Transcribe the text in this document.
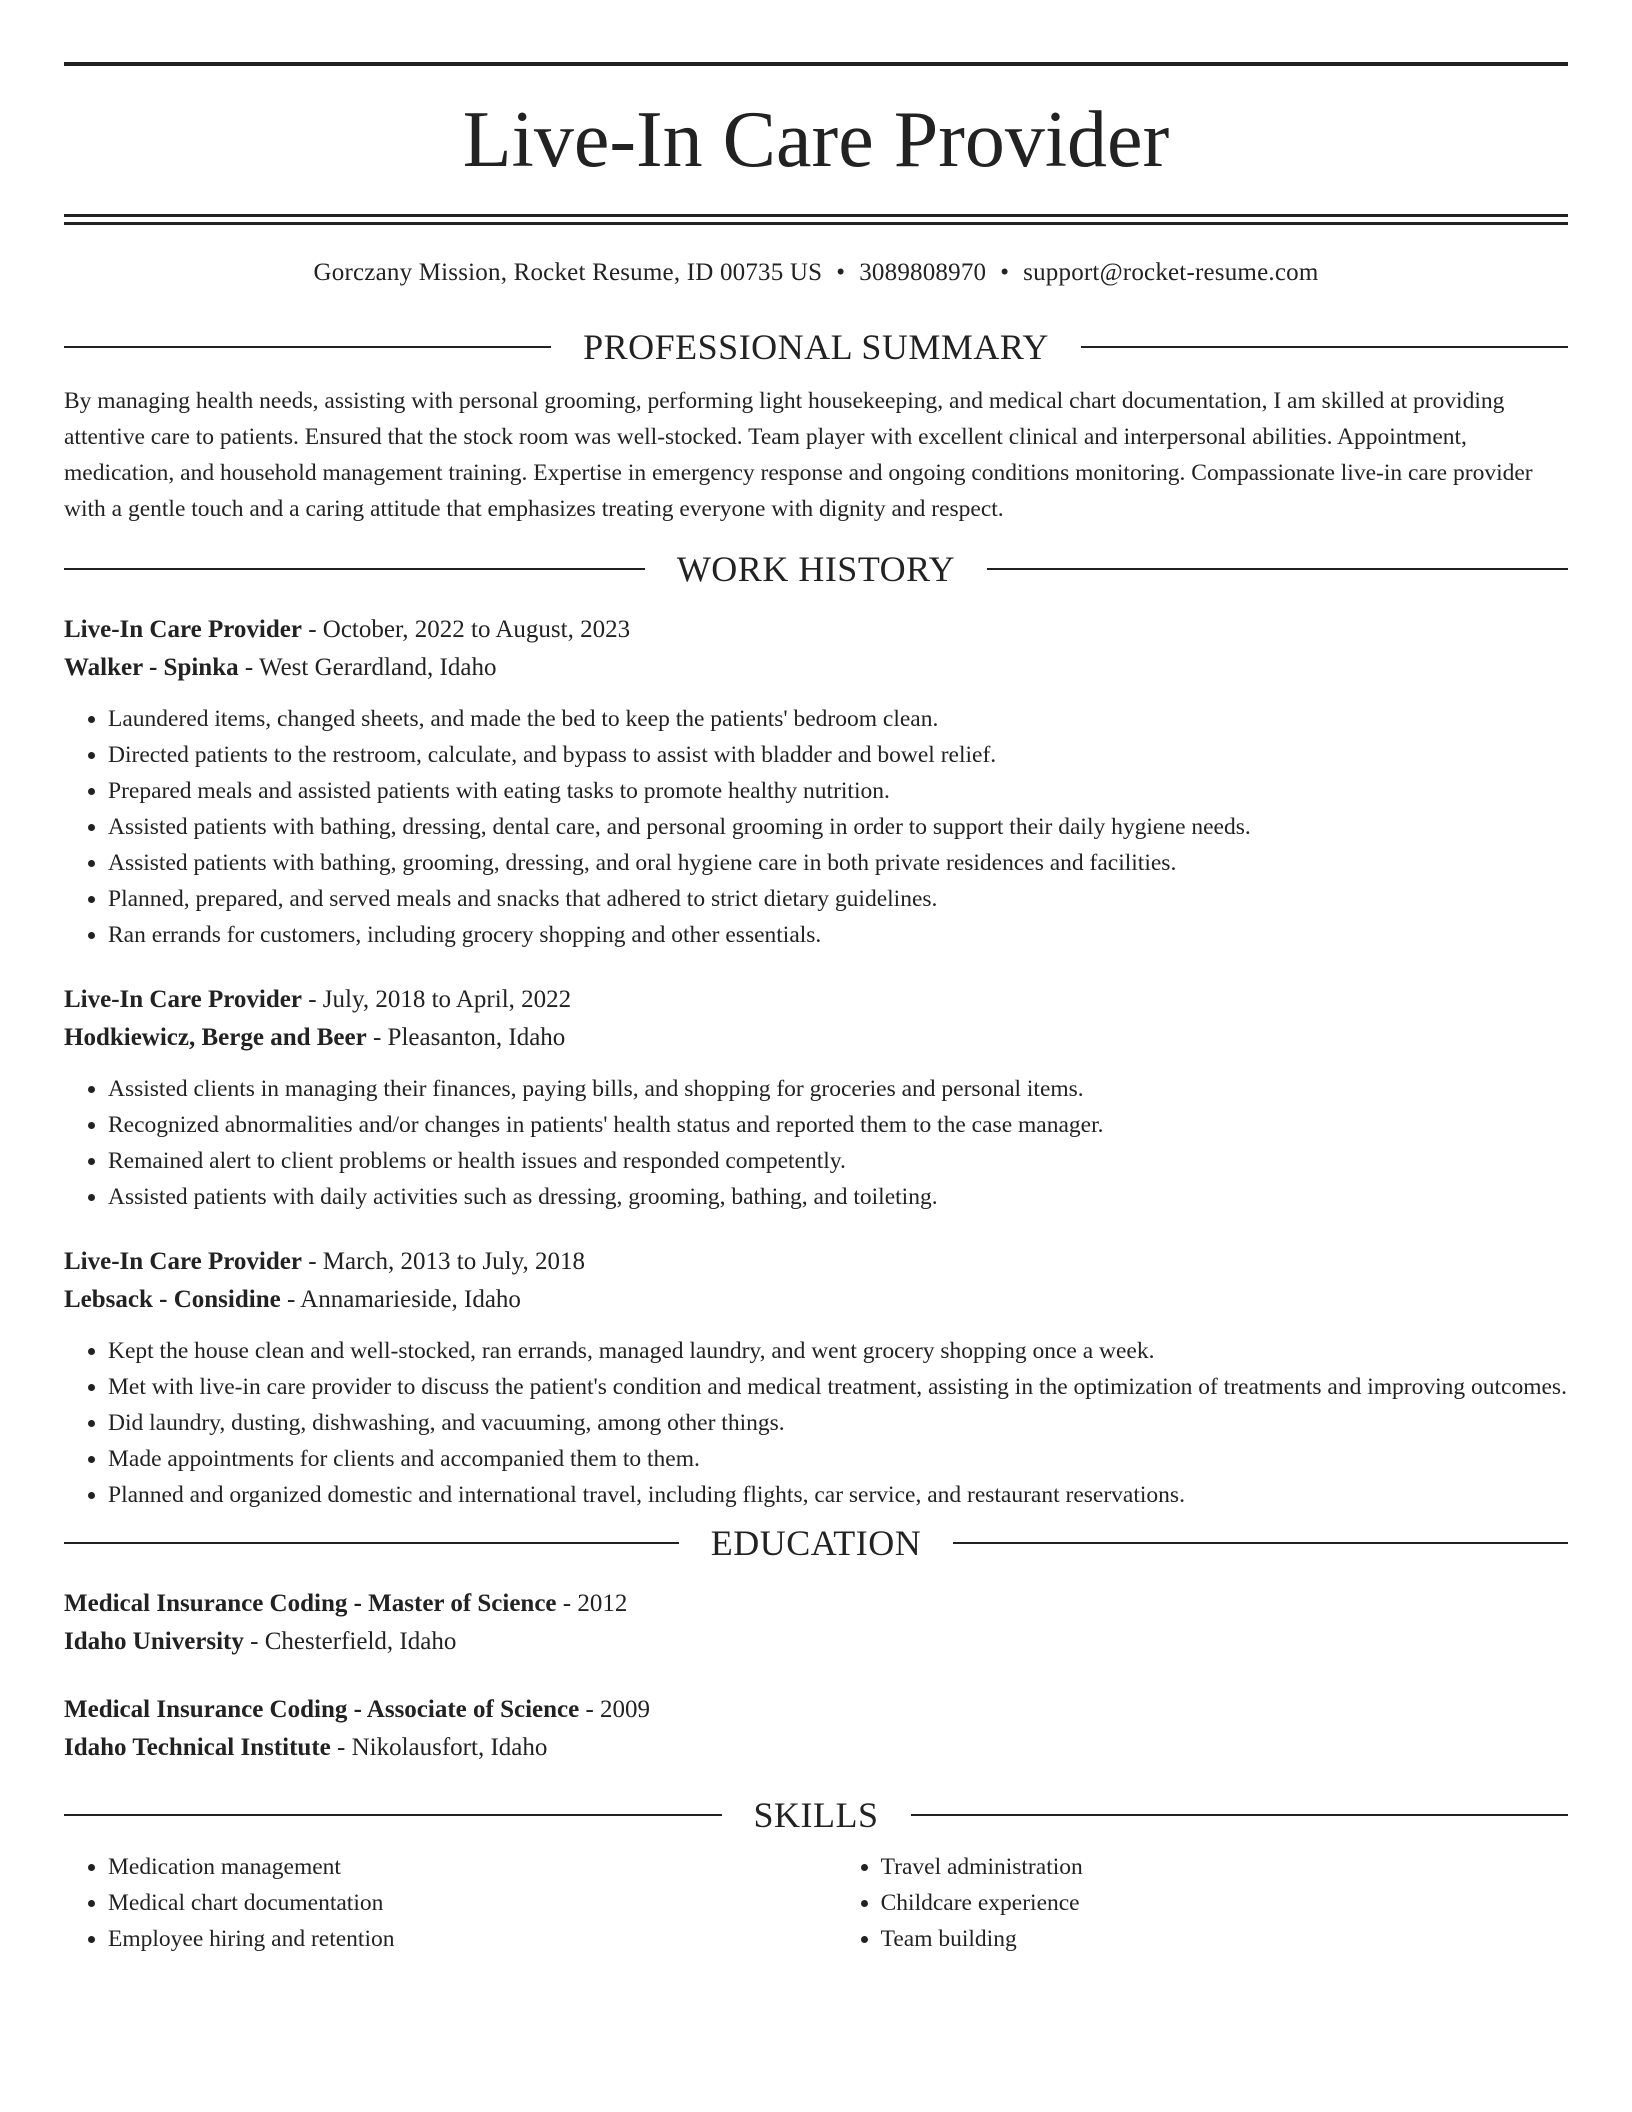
Live-In Care Provider
Gorczany Mission, Rocket Resume, ID 00735 US • 3089808970 • support@rocket-resume.com
PROFESSIONAL SUMMARY

By managing health needs, assisting with personal grooming, performing light housekeeping, and medical chart documentation, I am skilled at providing attentive care to patients. Ensured that the stock room was well-stocked. Team player with excellent clinical and interpersonal abilities. Appointment, medication, and household management training. Expertise in emergency response and ongoing conditions monitoring. Compassionate live-in care provider with a gentle touch and a caring attitude that emphasizes treating everyone with dignity and respect.

WORK HISTORY
Live-In Care Provider - October, 2022 to August, 2023
Walker - Spinka - West Gerardland, Idaho
• Laundered items, changed sheets, and made the bed to keep the patients' bedroom clean.
• Directed patients to the restroom, calculate, and bypass to assist with bladder and bowel relief.
• Prepared meals and assisted patients with eating tasks to promote healthy nutrition.
• Assisted patients with bathing, dressing, dental care, and personal grooming in order to support their daily hygiene needs.
• Assisted patients with bathing, grooming, dressing, and oral hygiene care in both private residences and facilities.
• Planned, prepared, and served meals and snacks that adhered to strict dietary guidelines.
• Ran errands for customers, including grocery shopping and other essentials.
Live-In Care Provider - July, 2018 to April, 2022
Hodkiewicz, Berge and Beer - Pleasanton, Idaho
• Assisted clients in managing their finances, paying bills, and shopping for groceries and personal items.
• Recognized abnormalities and/or changes in patients' health status and reported them to the case manager.
• Remained alert to client problems or health issues and responded competently.
• Assisted patients with daily activities such as dressing, grooming, bathing, and toileting.
Live-In Care Provider - March, 2013 to July, 2018
Lebsack - Considine - Annamarieside, Idaho
• Kept the house clean and well-stocked, ran errands, managed laundry, and went grocery shopping once a week.
• Met with live-in care provider to discuss the patient's condition and medical treatment, assisting in the optimization of treatments and improving outcomes.
• Did laundry, dusting, dishwashing, and vacuuming, among other things.
• Made appointments for clients and accompanied them to them.
• Planned and organized domestic and international travel, including flights, car service, and restaurant reservations.
EDUCATION
Medical Insurance Coding - Master of Science - 2012
Idaho University - Chesterfield, Idaho
Medical Insurance Coding - Associate of Science - 2009
Idaho Technical Institute - Nikolausfort, Idaho
SKILLS
• Medication management
• Medical chart documentation
• Employee hiring and retention
• Travel administration
• Childcare experience
• Team building
